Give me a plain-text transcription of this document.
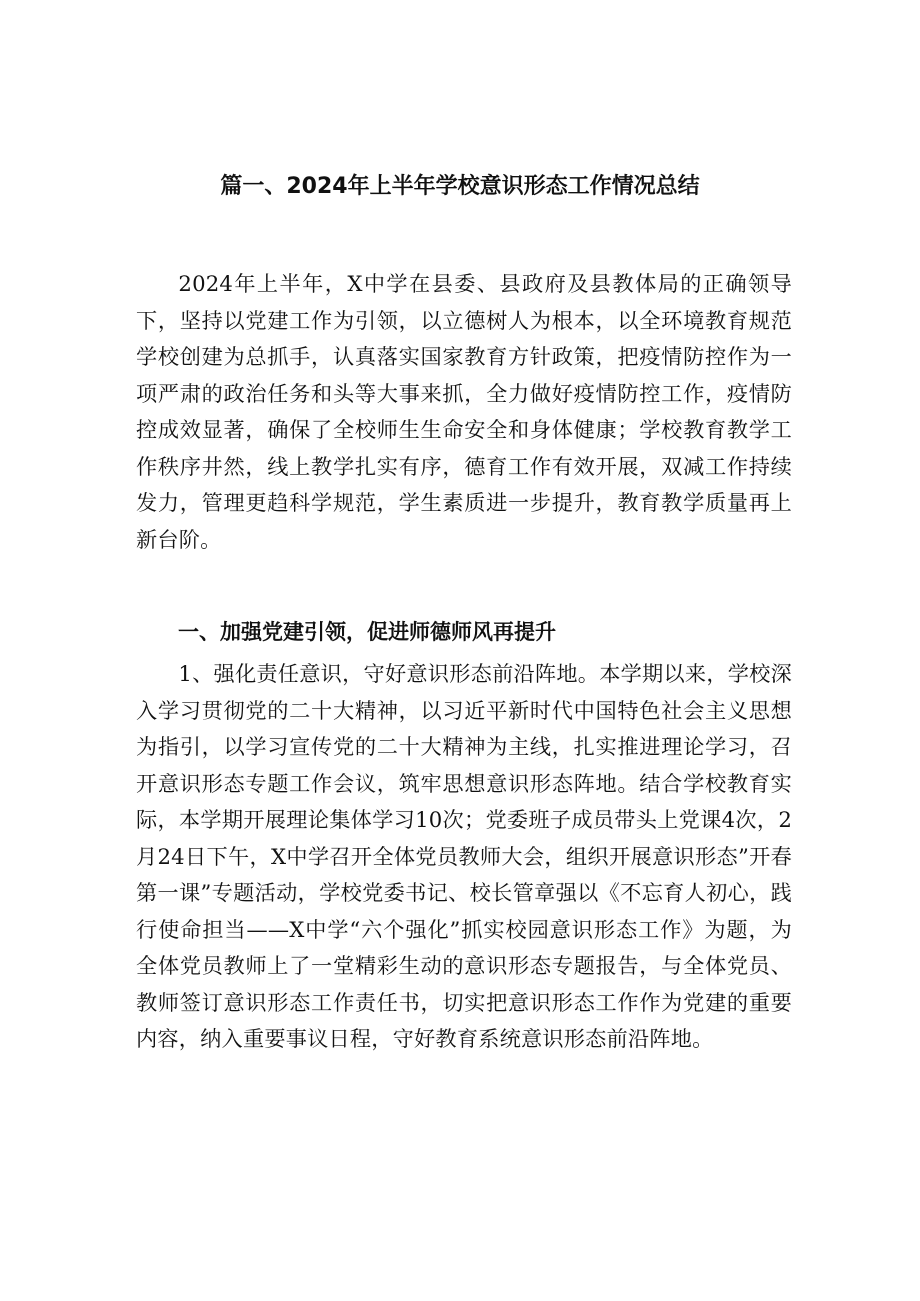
篇一、2024年上半年学校意识形态工作情况总结

2024年上半年，X中学在县委、县政府及县教体局的正确领导下，坚持以党建工作为引领，以立德树人为根本，以全环境教育规范学校创建为总抓手，认真落实国家教育方针政策，把疫情防控作为一项严肃的政治任务和头等大事来抓，全力做好疫情防控工作，疫情防控成效显著，确保了全校师生生命安全和身体健康；学校教育教学工作秩序井然，线上教学扎实有序，德育工作有效开展，双减工作持续发力，管理更趋科学规范，学生素质进一步提升，教育教学质量再上新台阶。

一、加强党建引领，促进师德师风再提升

1、强化责任意识，守好意识形态前沿阵地。本学期以来，学校深入学习贯彻党的二十大精神，以习近平新时代中国特色社会主义思想为指引，以学习宣传党的二十大精神为主线，扎实推进理论学习，召开意识形态专题工作会议，筑牢思想意识形态阵地。结合学校教育实际，本学期开展理论集体学习10次；党委班子成员带头上党课4次，2月24日下午，X中学召开全体党员教师大会，组织开展意识形态”开春第一课”专题活动，学校党委书记、校长管章强以《不忘育人初心，践行使命担当——X中学“六个强化”抓实校园意识形态工作》为题，为全体党员教师上了一堂精彩生动的意识形态专题报告，与全体党员、教师签订意识形态工作责任书，切实把意识形态工作作为党建的重要内容，纳入重要事议日程，守好教育系统意识形态前沿阵地。
